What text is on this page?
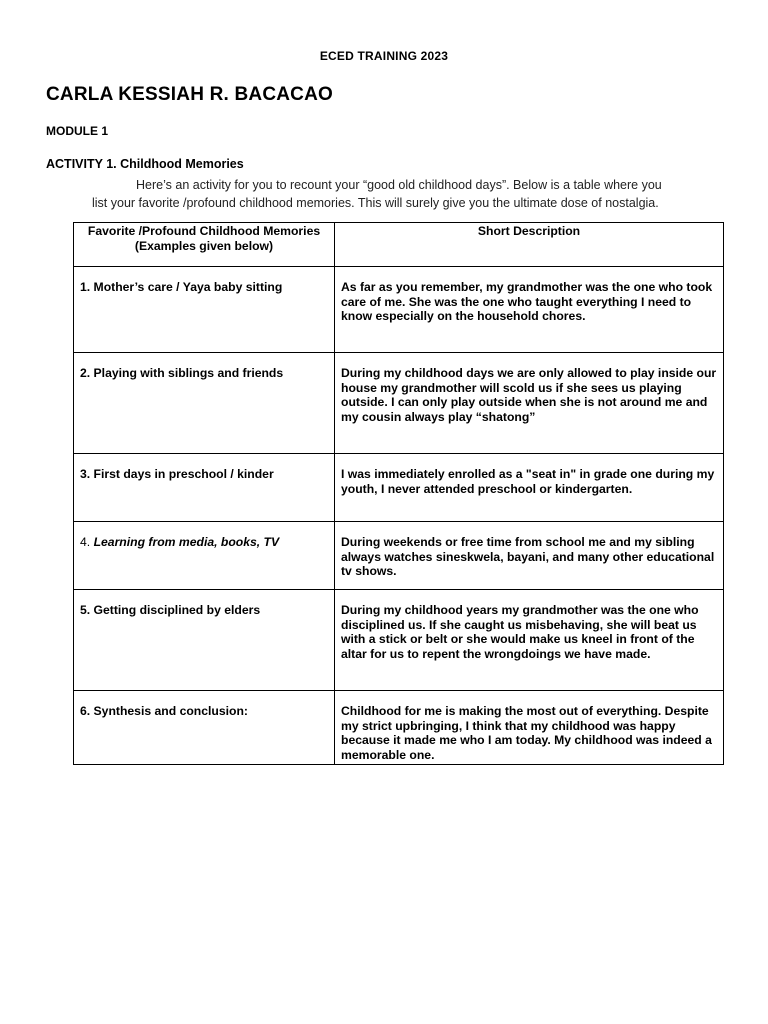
ECED TRAINING 2023
CARLA KESSIAH R. BACACAO
MODULE 1
ACTIVITY 1. Childhood Memories
Here’s an activity for you to recount your “good old childhood days”. Below is a table where you
list your favorite /profound childhood memories. This will surely give you the ultimate dose of nostalgia.
Favorite /Profound Childhood Memories (Examples given below)	Short Description
1. Mother’s care / Yaya baby sitting	As far as you remember, my grandmother was the one who took care of me. She was the one who taught everything I need to know especially on the household chores.
2. Playing with siblings and friends	During my childhood days we are only allowed to play inside our house my grandmother will scold us if she sees us playing outside. I can only play outside when she is not around me and my cousin always play “shatong”
3. First days in preschool / kinder	I was immediately enrolled as a "seat in" in grade one during my youth, I never attended preschool or kindergarten.
4. Learning from media, books, TV	During weekends or free time from school me and my sibling always watches sineskwela, bayani, and many other educational tv shows.
5. Getting disciplined by elders	During my childhood years my grandmother was the one who disciplined us. If she caught us misbehaving, she will beat us with a stick or belt or she would make us kneel in front of the altar for us to repent the wrongdoings we have made.
6. Synthesis and conclusion:	Childhood for me is making the most out of everything. Despite my strict upbringing, I think that my childhood was happy because it made me who I am today. My childhood was indeed a memorable one.
